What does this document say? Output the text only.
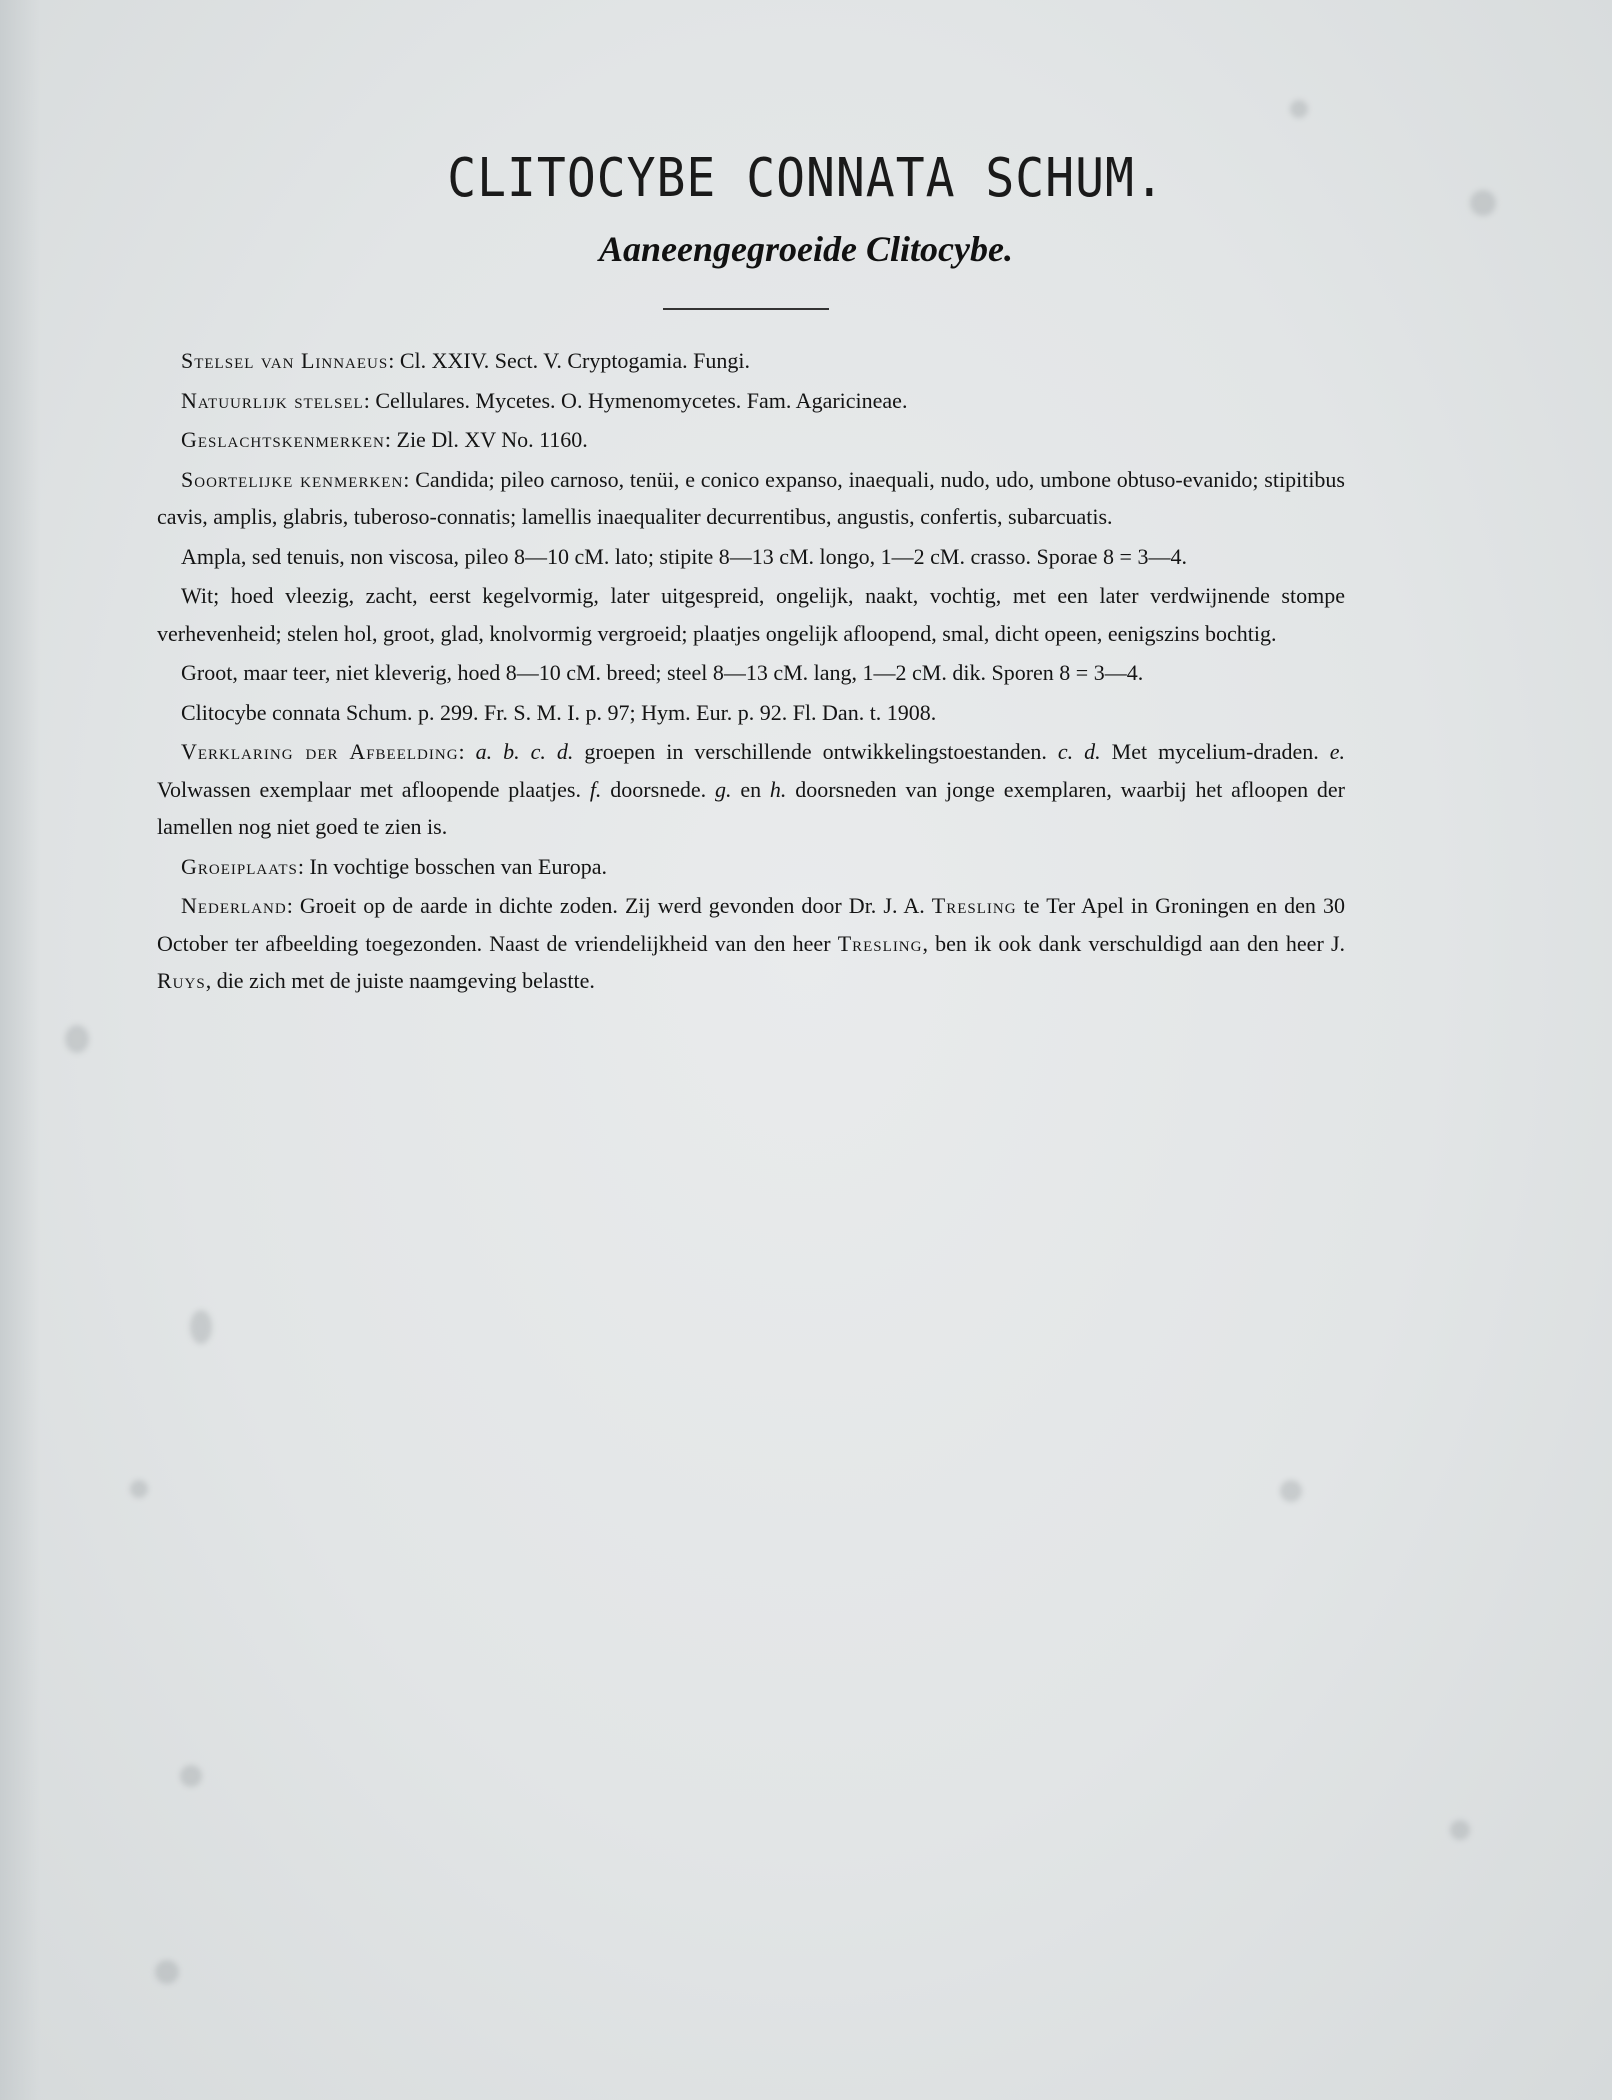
CLITOCYBE CONNATA SCHUM.
Aaneengegroeide Clitocybe.

Stelsel van Linnaeus: Cl. XXIV. Sect. V. Cryptogamia. Fungi.

Natuurlijk stelsel: Cellulares. Mycetes. O. Hymenomycetes. Fam. Agaricineae.

Geslachtskenmerken: Zie Dl. XV No. 1160.

Soortelijke kenmerken: Candida; pileo carnoso, tenüi, e conico expanso, inaequali, nudo, udo, umbone obtuso-evanido; stipitibus cavis, amplis, glabris, tuberoso-connatis; lamellis inaequaliter decurrentibus, angustis, confertis, subarcuatis.

Ampla, sed tenuis, non viscosa, pileo 8—10 cM. lato; stipite 8—13 cM. longo, 1—2 cM. crasso. Sporae 8 = 3—4.

Wit; hoed vleezig, zacht, eerst kegelvormig, later uitgespreid, ongelijk, naakt, vochtig, met een later verdwijnende stompe verhevenheid; stelen hol, groot, glad, knolvormig vergroeid; plaatjes ongelijk afloopend, smal, dicht opeen, eenigszins bochtig.

Groot, maar teer, niet kleverig, hoed 8—10 cM. breed; steel 8—13 cM. lang, 1—2 cM. dik. Sporen 8 = 3—4.

Clitocybe connata Schum. p. 299. Fr. S. M. I. p. 97; Hym. Eur. p. 92. Fl. Dan. t. 1908.

Verklaring der Afbeelding: a. b. c. d. groepen in verschillende ontwikkelingstoestanden. c. d. Met mycelium-draden. e. Volwassen exemplaar met afloopende plaatjes. f. doorsnede. g. en h. doorsneden van jonge exemplaren, waarbij het afloopen der lamellen nog niet goed te zien is.

Groeiplaats: In vochtige bosschen van Europa.

Nederland: Groeit op de aarde in dichte zoden. Zij werd gevonden door Dr. J. A. Tresling te Ter Apel in Groningen en den 30 October ter afbeelding toegezonden. Naast de vriendelijkheid van den heer Tresling, ben ik ook dank verschuldigd aan den heer J. Ruys, die zich met de juiste naamgeving belastte.
